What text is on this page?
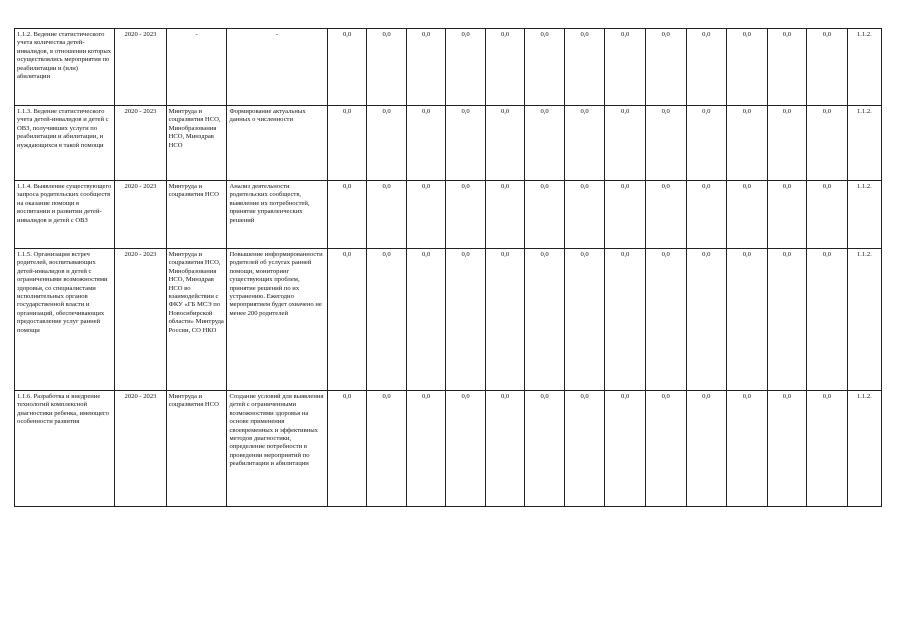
1.1.2. Ведение статистического учета количества детей-инвалидов, в отношении которых осуществлялись мероприятия по реабилитации и (или) абилитации	2020 - 2023	-	-	0,0	0,0	0,0	0,0	0,0	0,0	0,0	0,0	0,0	0,0	0,0	0,0	0,0	1.1.2.
1.1.3. Ведение статистического учета детей-инвалидов и детей с ОВЗ, получивших услуги по реабилитации и абилитации, и нуждающихся в такой помощи	2020 - 2023	Минтруда и соцразвития НСО, Минобразования НСО, Минздрав НСО	Формирование актуальных данных о численности	0,0	0,0	0,0	0,0	0,0	0,0	0,0	0,0	0,0	0,0	0,0	0,0	0,0	1.1.2.
1.1.4. Выявление существующего запроса родительских сообществ на оказание помощи в воспитании и развитии детей-инвалидов и детей с ОВЗ	2020 - 2023	Минтруда и соцразвития НСО	Анализ деятельности родительских сообществ, выявление их потребностей, принятие управленческих решений	0,0	0,0	0,0	0,0	0,0	0,0	0,0	0,0	0,0	0,0	0,0	0,0	0,0	1.1.2.
1.1.5. Организация встреч родителей, воспитывающих детей-инвалидов и детей с ограниченными возможностями здоровья, со специалистами исполнительных органов государственной власти и организаций, обеспечивающих предоставление услуг ранней помощи	2020 - 2023	Минтруда и соцразвития НСО, Минобразования НСО, Минздрав НСО во взаимодействии с ФКУ «ГБ МСЭ по Новосибирской области» Минтруда России, СО НКО	Повышение информированности родителей об услугах ранней помощи, мониторинг существующих проблем, принятие решений по их устранению. Ежегодно мероприятием будет охвачено не менее 200 родителей	0,0	0,0	0,0	0,0	0,0	0,0	0,0	0,0	0,0	0,0	0,0	0,0	0,0	1.1.2.
1.1.6. Разработка и внедрение технологий комплексной диагностики ребенка, имеющего особенности развития	2020 - 2023	Минтруда и соцразвития НСО	Создание условий для выявления детей с ограниченными возможностями здоровья на основе применения своевременных и эффективных методов диагностики, определение потребности в проведении мероприятий по реабилитации и абилитации	0,0	0,0	0,0	0,0	0,0	0,0	0,0	0,0	0,0	0,0	0,0	0,0	0,0	1.1.2.
